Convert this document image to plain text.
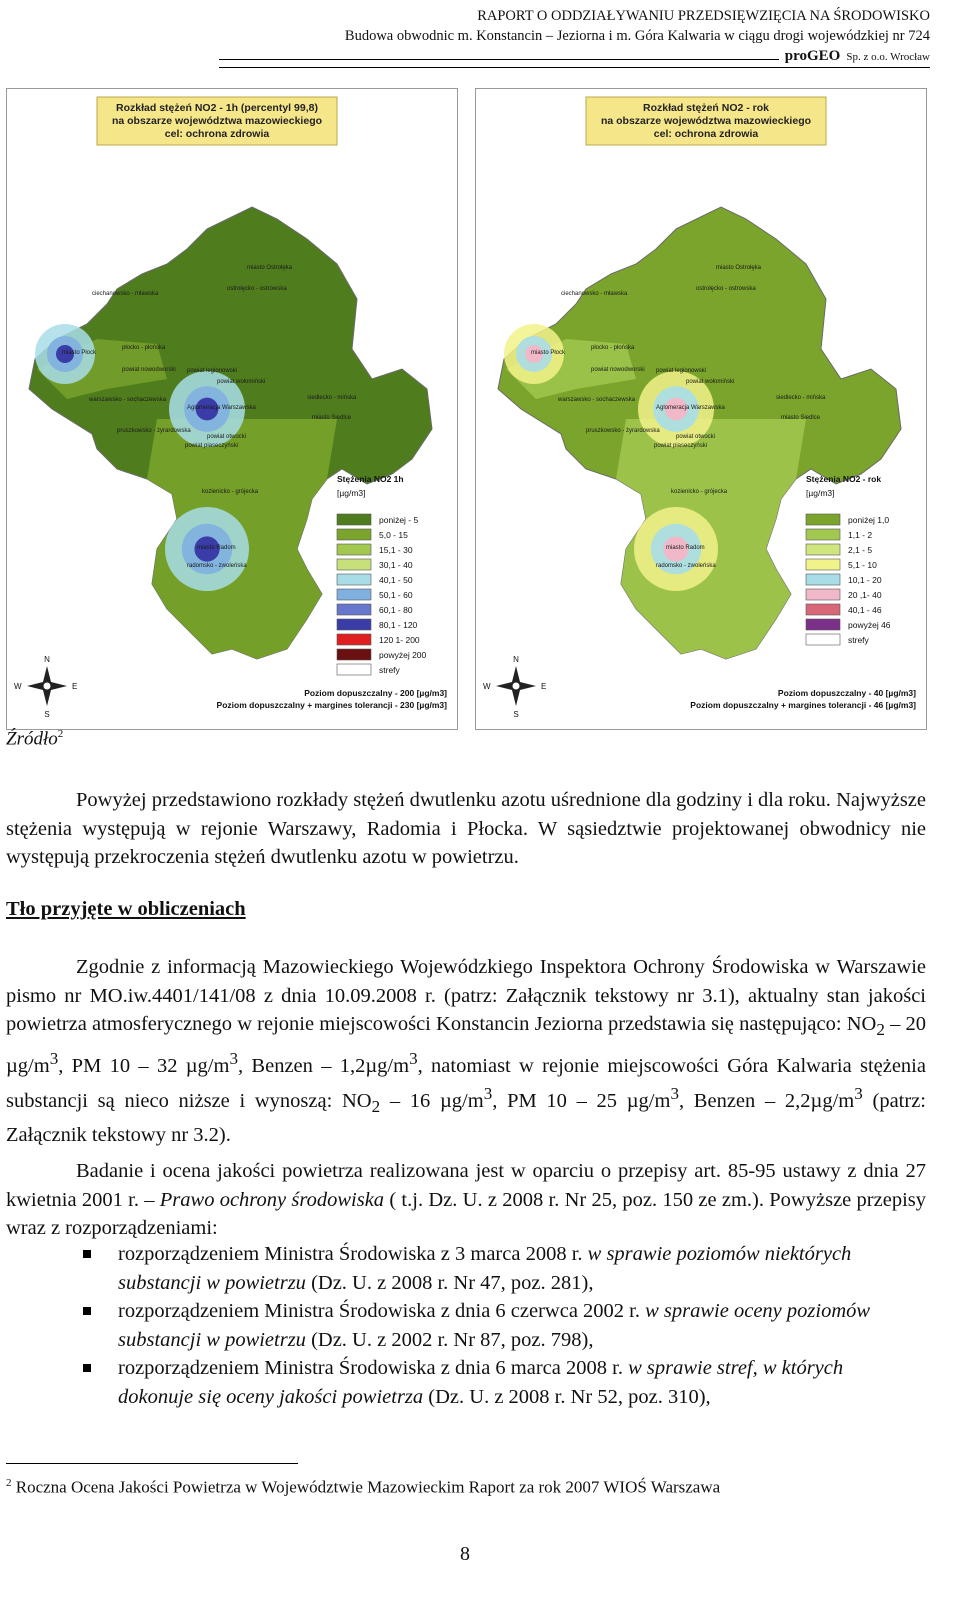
RAPORT O ODDZIAŁYWANIU PRZEDSIĘWZIĘCIA NA ŚRODOWISKO
Budowa obwodnic m. Konstancin – Jeziorna i m. Góra Kalwaria w ciągu drogi wojewódzkiej nr 724
proGEO Sp. z o.o. Wrocław
Rozkład stężeń NO2 - 1h (percentyl 99,8)
na obszarze województwa mazowieckiego
cel: ochrona zdrowia
miasto Ostrołęka
ciechanowsko - mławska
ostrołęcko - ostrowska
miasto Płock
płocko - płońska
powiat nowodworski powiat legionowski
powiat wołomiński
warszawsko - sochaczewska
Aglomeracja Warszawska
siedlecko - mińska
miasto Siedlce
pruszkowsko - żyrardowska
powiat otwocki
powiat piaseczyński
kozienicko - grójecka
miasto Radom
radomsko - zwoleńska
Stężenia NO2 1h
[µg/m3]
poniżej - 5
5,0 - 15
15,1 - 30
30,1 - 40
40,1 - 50
50,1 - 60
60,1 - 80
80,1 - 120
120 1- 200
powyżej 200
strefy
N
S
E
W
Poziom dopuszczalny - 200 [µg/m3]
Poziom dopuszczalny + margines tolerancji - 230 [µg/m3]
Rozkład stężeń NO2 - rok
na obszarze województwa mazowieckiego
cel: ochrona zdrowia
miasto Ostrołęka
ciechanowsko - mławska
ostrołęcko - ostrowska
miasto Płock
płocko - płońska
powiat nowodworski powiat legionowski
powiat wołomiński
warszawsko - sochaczewska
Aglomeracja Warszawska
siedlecko - mińska
miasto Siedlce
pruszkowsko - żyrardowska
powiat otwocki
powiat piaseczyński
kozienicko - grójecka
miasto Radom
radomsko - zwoleńska
Stężenia NO2 - rok
[µg/m3]
poniżej 1,0
1,1 - 2
2,1 - 5
5,1 - 10
10,1 - 20
20 ,1- 40
40,1 - 46
powyżej 46
strefy
N
S
E
W
Poziom dopuszczalny - 40 [µg/m3]
Poziom dopuszczalny + margines tolerancji - 46 [µg/m3]
Źródło$^2$
Powyżej przedstawiono rozkłady stężeń dwutlenku azotu uśrednione dla godziny i dla roku. Najwyższe stężenia występują w rejonie Warszawy, Radomia i Płocka. W sąsiedztwie projektowanej obwodnicy nie występują przekroczenia stężeń dwutlenku azotu w powietrzu.
Tło przyjęte w obliczeniach
Zgodnie z informacją Mazowieckiego Wojewódzkiego Inspektora Ochrony Środowiska w Warszawie pismo nr MO.iw.4401/141/08 z dnia 10.09.2008 r. (patrz: Załącznik tekstowy nr 3.1), aktualny stan jakości powietrza atmosferycznego w rejonie miejscowości Konstancin Jeziorna przedstawia się następująco: $NO_2 - 20$ $\mu g/m^3$, PM 10 – 32 $\mu g/m^3$, Benzen – $1,2\mu g/m^3$, natomiast w rejonie miejscowości Góra Kalwaria stężenia substancji są nieco niższe i wynoszą: $NO_2 - 16$ $\mu g/m^3$, PM 10 – 25 $\mu g/m^3$, Benzen – $2,2\mu g/m^3$ (patrz: Załącznik tekstowy nr 3.2).
Badanie i ocena jakości powietrza realizowana jest w oparciu o przepisy art. 85-95 ustawy z dnia 27 kwietnia 2001 r. – Prawo ochrony środowiska ( t.j. Dz. U. z 2008 r. Nr 25, poz. 150 ze zm.). Powyższe przepisy wraz z rozporządzeniami:
rozporządzeniem Ministra Środowiska z 3 marca 2008 r. w sprawie poziomów niektórych substancji w powietrzu (Dz. U. z 2008 r. Nr 47, poz. 281),
rozporządzeniem Ministra Środowiska z dnia 6 czerwca 2002 r. w sprawie oceny poziomów substancji w powietrzu (Dz. U. z 2002 r. Nr 87, poz. 798),
rozporządzeniem Ministra Środowiska z dnia 6 marca 2008 r. w sprawie stref, w których dokonuje się oceny jakości powietrza (Dz. U. z 2008 r. Nr 52, poz. 310),
$^2$ Roczna Ocena Jakości Powietrza w Województwie Mazowieckim Raport za rok 2007 WIOŚ Warszawa
8
